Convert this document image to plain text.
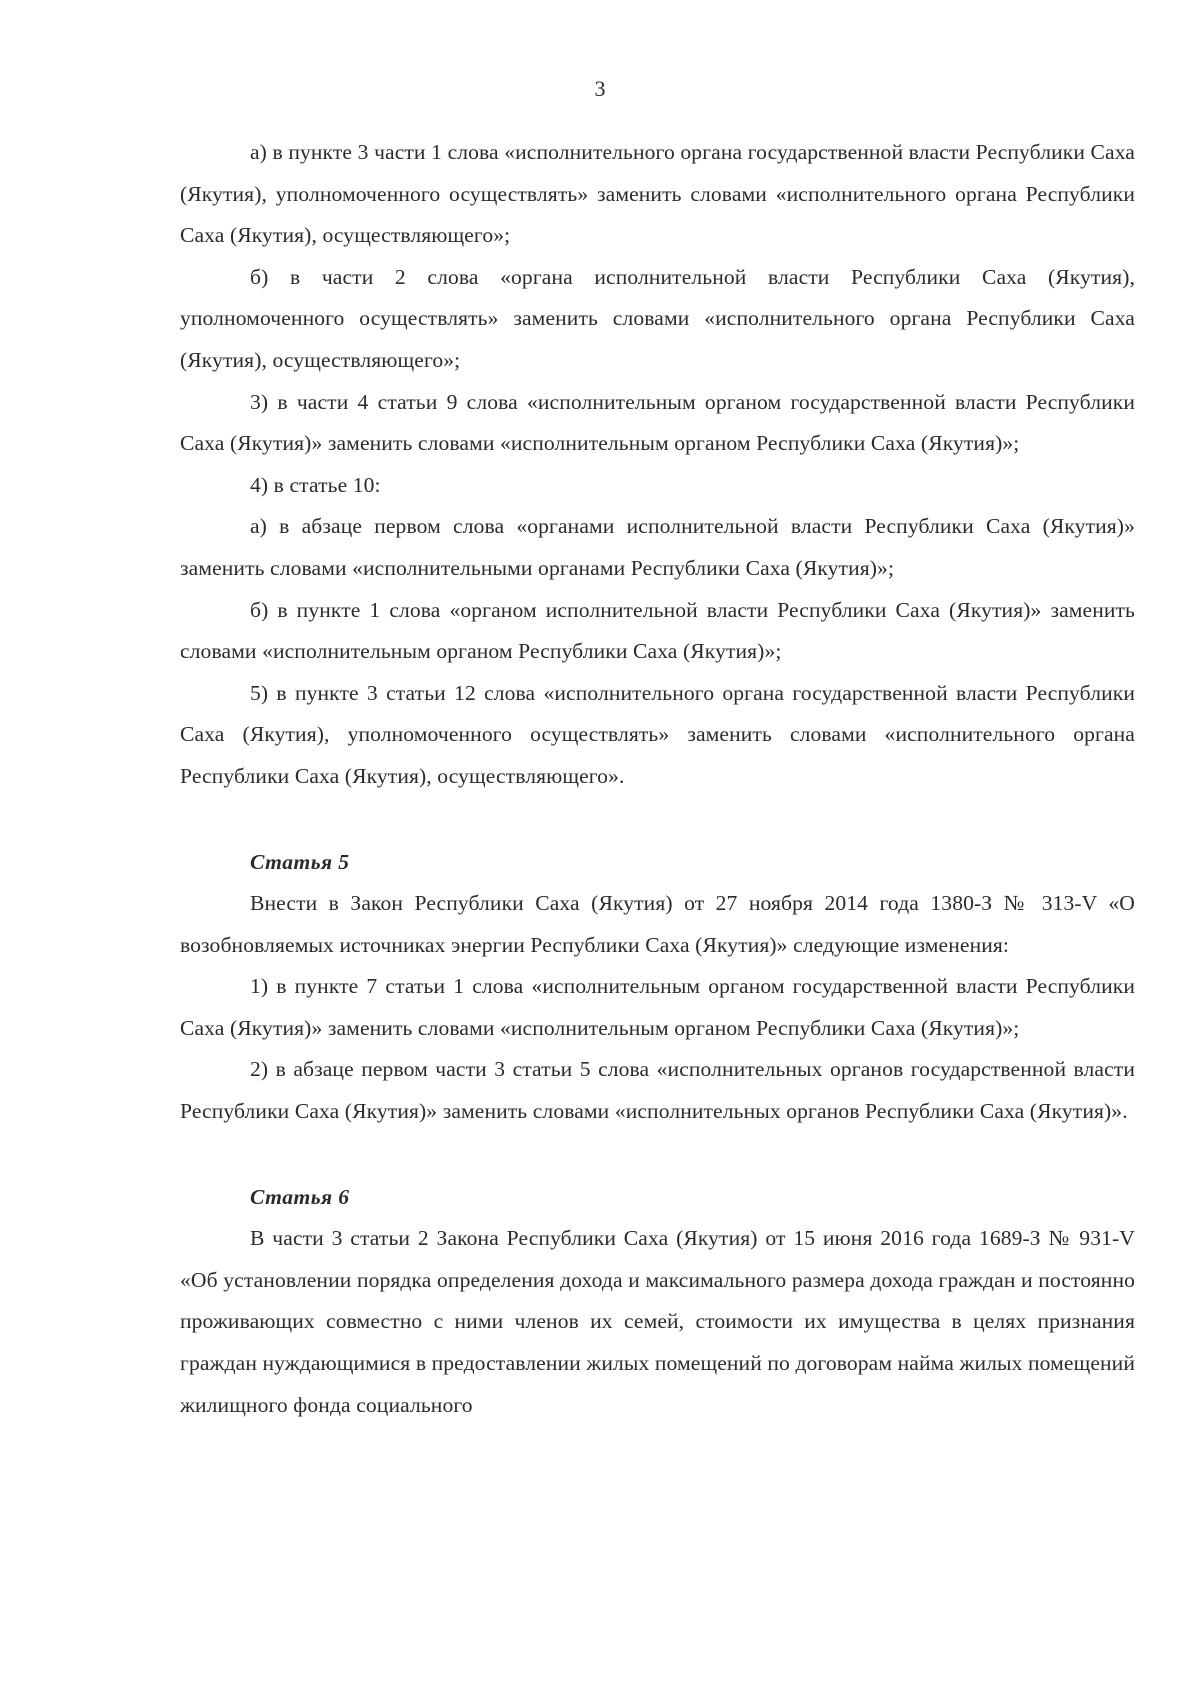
3

а) в пункте 3 части 1 слова «исполнительного органа государственной власти Республики Саха (Якутия), уполномоченного осуществлять» заменить словами «исполнительного органа Республики Саха (Якутия), осуществляющего»;

б) в части 2 слова «органа исполнительной власти Республики Саха (Якутия), уполномоченного осуществлять» заменить словами «исполнительного органа Республики Саха (Якутия), осуществляющего»;

3) в части 4 статьи 9 слова «исполнительным органом государственной власти Республики Саха (Якутия)» заменить словами «исполнительным органом Республики Саха (Якутия)»;

4) в статье 10:

а) в абзаце первом слова «органами исполнительной власти Республики Саха (Якутия)» заменить словами «исполнительными органами Республики Саха (Якутия)»;

б) в пункте 1 слова «органом исполнительной власти Республики Саха (Якутия)» заменить словами «исполнительным органом Республики Саха (Якутия)»;

5) в пункте 3 статьи 12 слова «исполнительного органа государственной власти Республики Саха (Якутия), уполномоченного осуществлять» заменить словами «исполнительного органа Республики Саха (Якутия), осуществляющего».

Статья 5

Внести в Закон Республики Саха (Якутия) от 27 ноября 2014 года 1380-З № 313-V «О возобновляемых источниках энергии Республики Саха (Якутия)» следующие изменения:

1) в пункте 7 статьи 1 слова «исполнительным органом государственной власти Республики Саха (Якутия)» заменить словами «исполнительным органом Республики Саха (Якутия)»;

2) в абзаце первом части 3 статьи 5 слова «исполнительных органов государственной власти Республики Саха (Якутия)» заменить словами «исполнительных органов Республики Саха (Якутия)».

Статья 6

В части 3 статьи 2 Закона Республики Саха (Якутия) от 15 июня 2016 года 1689-З № 931-V «Об установлении порядка определения дохода и максимального размера дохода граждан и постоянно проживающих совместно с ними членов их семей, стоимости их имущества в целях признания граждан нуждающимися в предоставлении жилых помещений по договорам найма жилых помещений жилищного фонда социального
